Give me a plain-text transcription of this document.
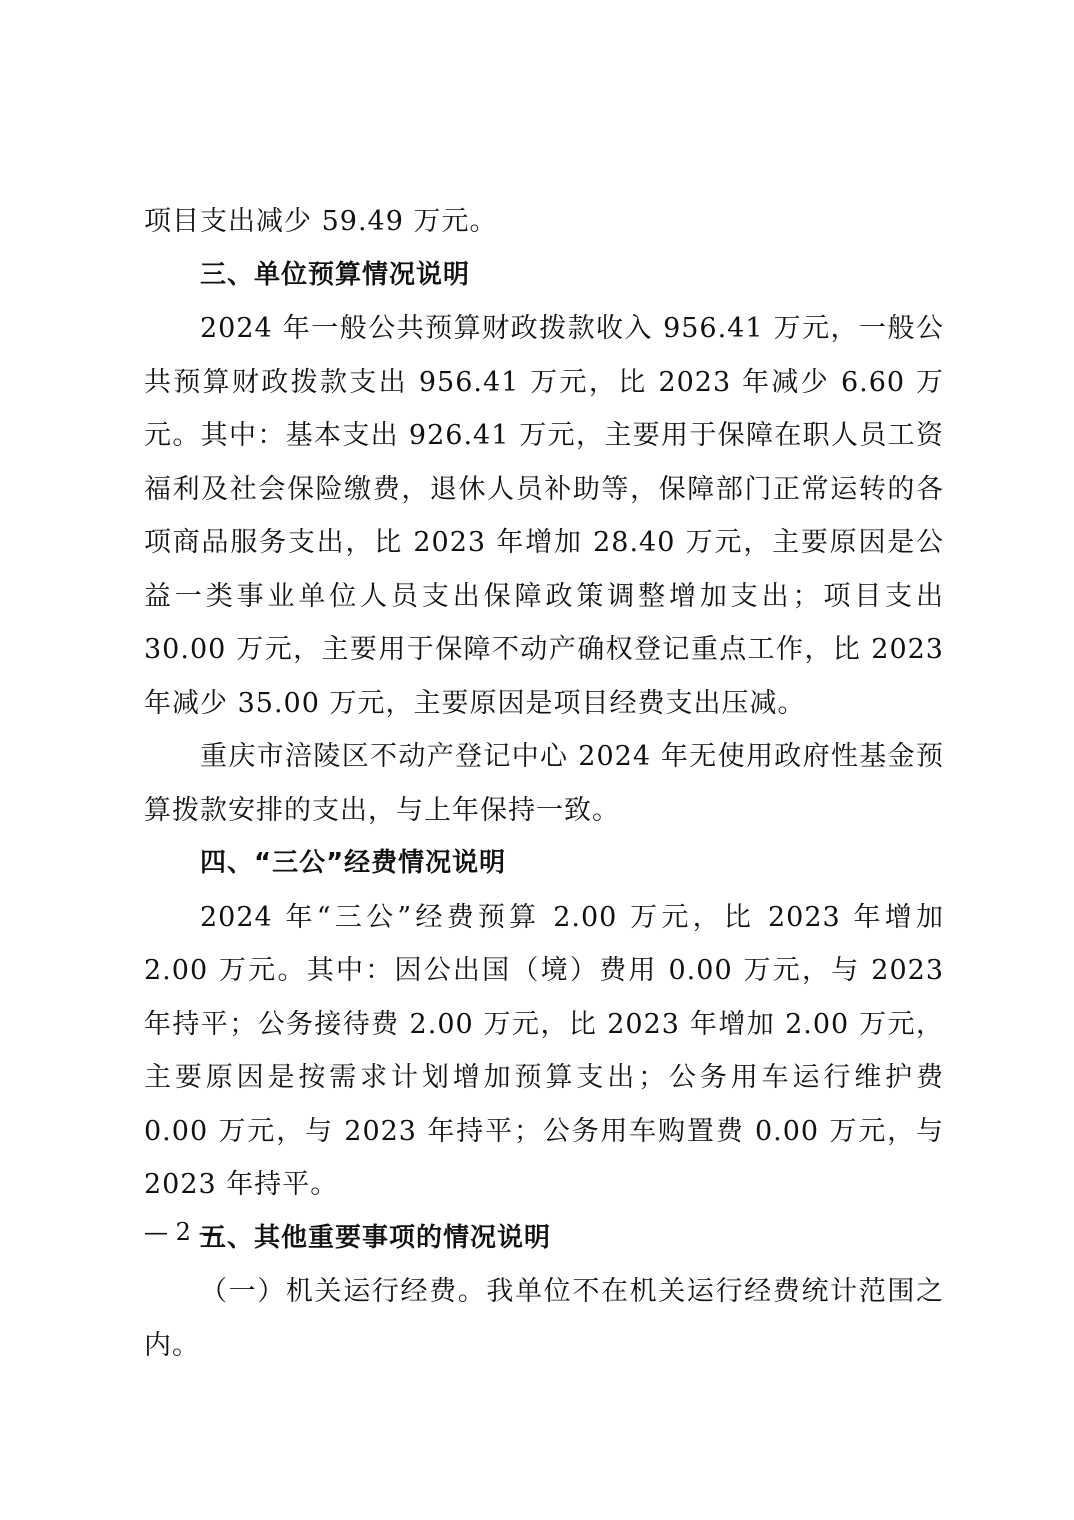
项目支出减少 59.49 万元。

三、单位预算情况说明

2024 年一般公共预算财政拨款收入 956.41 万元，一般公共预算财政拨款支出 956.41 万元，比 2023 年减少 6.60 万元。其中：基本支出 926.41 万元，主要用于保障在职人员工资福利及社会保险缴费，退休人员补助等，保障部门正常运转的各项商品服务支出，比 2023 年增加 28.40 万元，主要原因是公益一类事业单位人员支出保障政策调整增加支出；项目支出 30.00 万元，主要用于保障不动产确权登记重点工作，比 2023 年减少 35.00 万元，主要原因是项目经费支出压减。

重庆市涪陵区不动产登记中心 2024 年无使用政府性基金预算拨款安排的支出，与上年保持一致。

四、“三公”经费情况说明

2024 年“三公”经费预算 2.00 万元，比 2023 年增加 2.00 万元。其中：因公出国（境）费用 0.00 万元，与 2023 年持平；公务接待费 2.00 万元，比 2023 年增加 2.00 万元，主要原因是按需求计划增加预算支出；公务用车运行维护费 0.00 万元，与 2023 年持平；公务用车购置费 0.00 万元，与 2023 年持平。

五、其他重要事项的情况说明

（一）机关运行经费。我单位不在机关运行经费统计范围之内。

— 2 —
